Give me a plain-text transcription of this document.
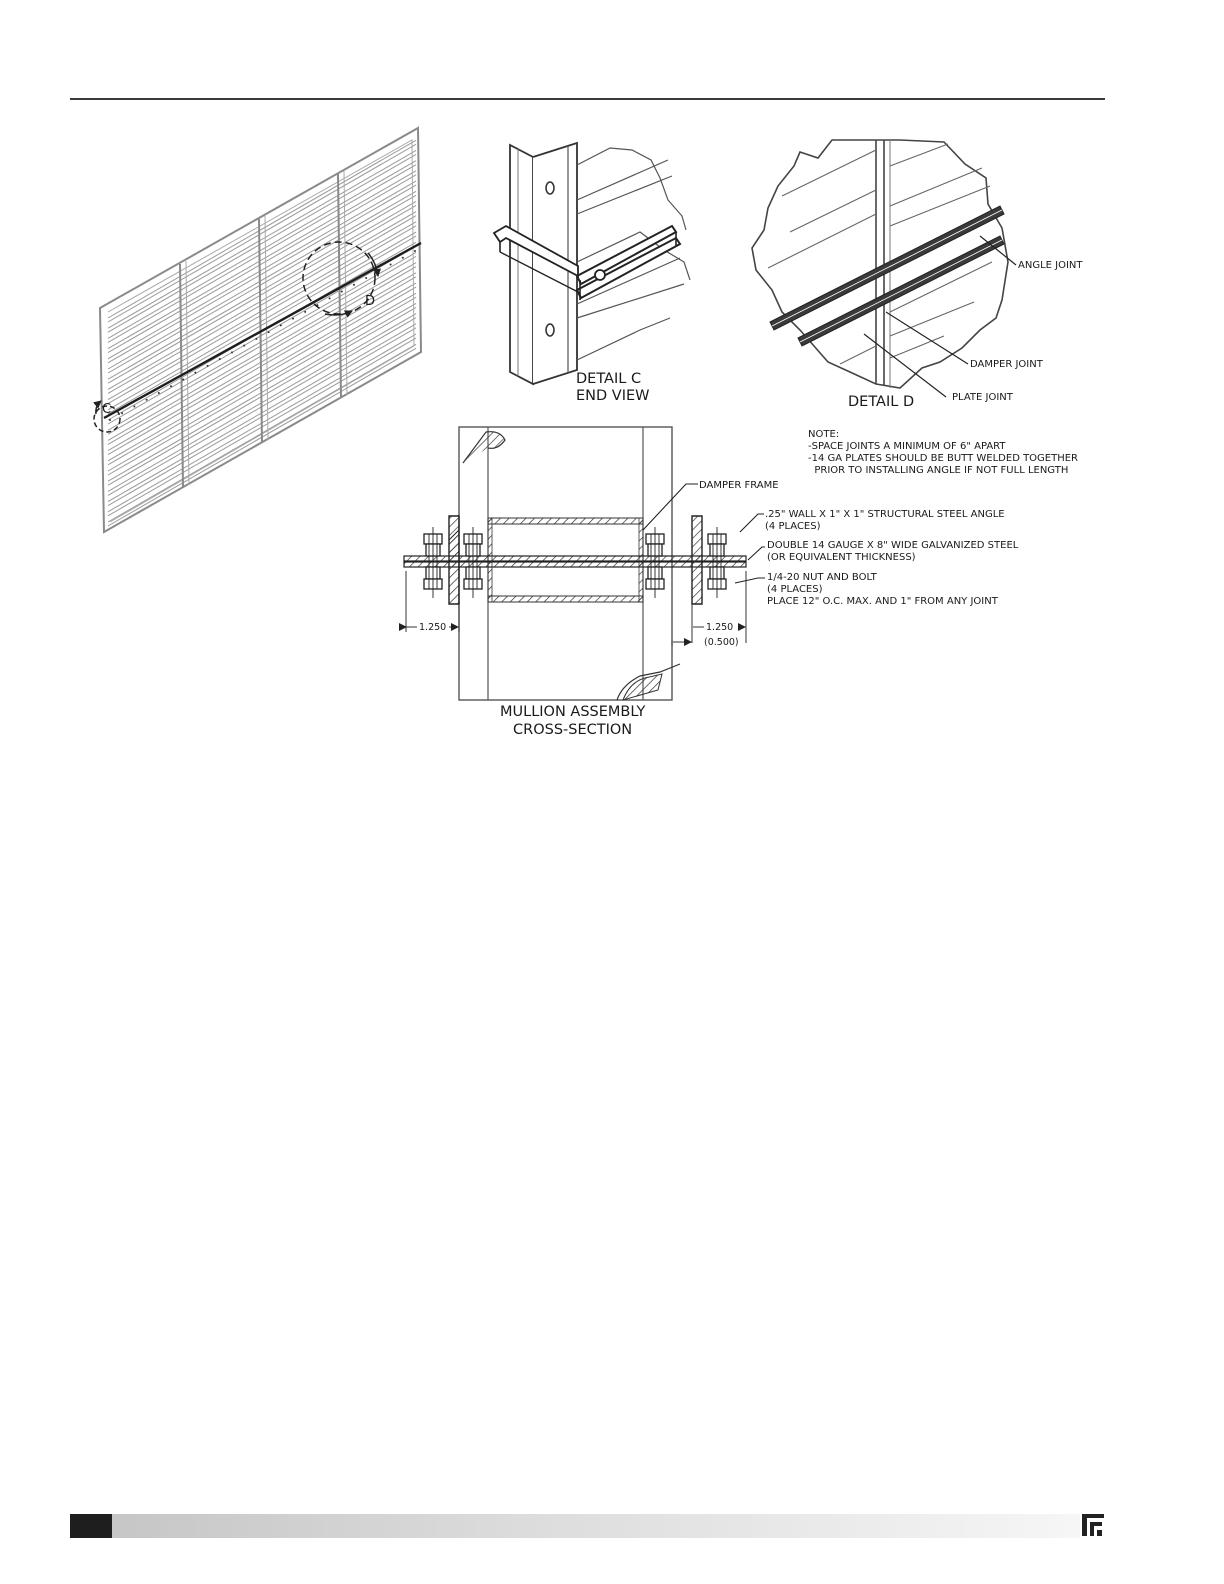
D
C
DETAIL C
END VIEW
ANGLE JOINT
DAMPER JOINT
PLATE JOINT
DETAIL D
NOTE:
-SPACE JOINTS A MINIMUM OF 6" APART
-14 GA PLATES SHOULD BE BUTT WELDED TOGETHER
PRIOR TO INSTALLING ANGLE IF NOT FULL LENGTH
1.250	1.250
(0.500)
DAMPER FRAME
.25" WALL X 1" X 1" STRUCTURAL STEEL ANGLE
(4 PLACES)
DOUBLE 14 GAUGE X 8" WIDE GALVANIZED STEEL
(OR EQUIVALENT THICKNESS)
1/4-20 NUT AND BOLT
(4 PLACES)
PLACE 12" O.C. MAX. AND 1" FROM ANY JOINT
MULLION ASSEMBLY
CROSS-SECTION
